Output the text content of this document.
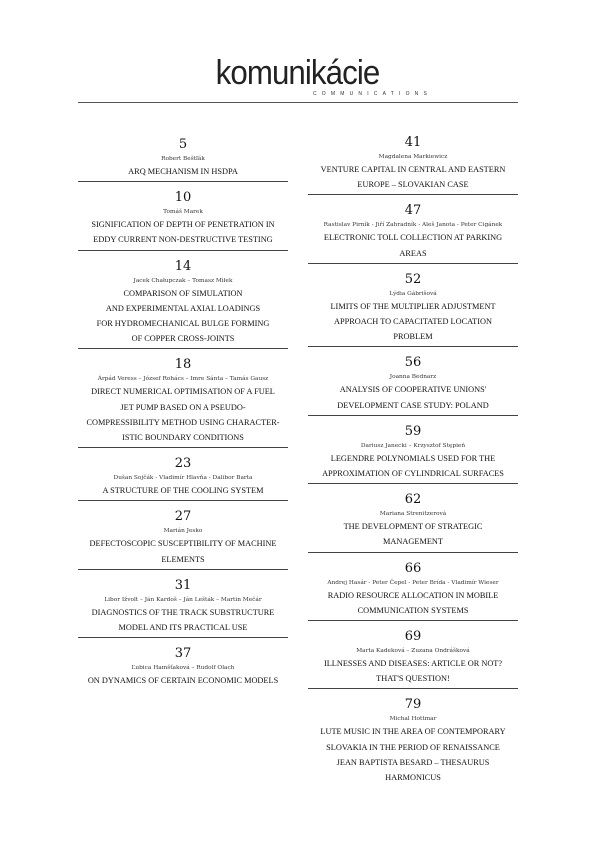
komunikácie
COMMUNICATIONS
5
Robert Beštľák
ARQ MECHANISM IN HSDPA
10
Tomáš Marek
SIGNIFICATION OF DEPTH OF PENETRATION IN
EDDY CURRENT NON-DESTRUCTIVE TESTING
14
Jacek Chałupczak – Tomasz Miłek
COMPARISON OF SIMULATION
AND EXPERIMENTAL AXIAL LOADINGS
FOR HYDROMECHANICAL BULGE FORMING
OF COPPER CROSS-JOINTS
18
Árpád Veress – József Rohács – Imre Sánta – Tamás Gausz
DIRECT NUMERICAL OPTIMISATION OF A FUEL
JET PUMP BASED ON A PSEUDO-
COMPRESSIBILITY METHOD USING CHARACTER-
ISTIC BOUNDARY CONDITIONS
23
Dušan Sojčák - Vladimír Hlavňa - Dalibor Barta
A STRUCTURE OF THE COOLING SYSTEM
27
Marián Jesko
DEFECTOSCOPIC SUSCEPTIBILITY OF MACHINE
ELEMENTS
31
Libor Ižvolt – Ján Kardoš – Ján Lešták – Martin Mečár
DIAGNOSTICS OF THE TRACK SUBSTRUCTURE
MODEL AND ITS PRACTICAL USE
37
Ľubica Hamšťaková – Rudolf Olach
ON DYNAMICS OF CERTAIN ECONOMIC MODELS
41
Magdalena Markiewicz
VENTURE CAPITAL IN CENTRAL AND EASTERN
EUROPE – SLOVAKIAN CASE
47
Rastislav Pirník - Jiří Zahradník - Aleš Janota - Peter Cigánek
ELECTRONIC TOLL COLLECTION AT PARKING
AREAS
52
Lýdia Gábrišová
LIMITS OF THE MULTIPLIER ADJUSTMENT
APPROACH TO CAPACITATED LOCATION
PROBLEM
56
Joanna Bednarz
ANALYSIS OF COOPERATIVE UNIONS'
DEVELOPMENT CASE STUDY: POLAND
59
Dariusz Janecki – Krzysztof Stępień
LEGENDRE POLYNOMIALS USED FOR THE
APPROXIMATION OF CYLINDRICAL SURFACES
62
Mariana Strenitzerová
THE DEVELOPMENT OF STRATEGIC
MANAGEMENT
66
Andrej Hasár - Peter Čepel - Peter Brída - Vladimír Wieser
RADIO RESOURCE ALLOCATION IN MOBILE
COMMUNICATION SYSTEMS
69
Marta Kadeková – Zuzana Ondrášková
ILLNESSES AND DISEASES: ARTICLE OR NOT?
THAT'S QUESTION!
79
Michal Hottmar
LUTE MUSIC IN THE AREA OF CONTEMPORARY
SLOVAKIA IN THE PERIOD OF RENAISSANCE
JEAN BAPTISTA BESARD – THESAURUS
HARMONICUS
